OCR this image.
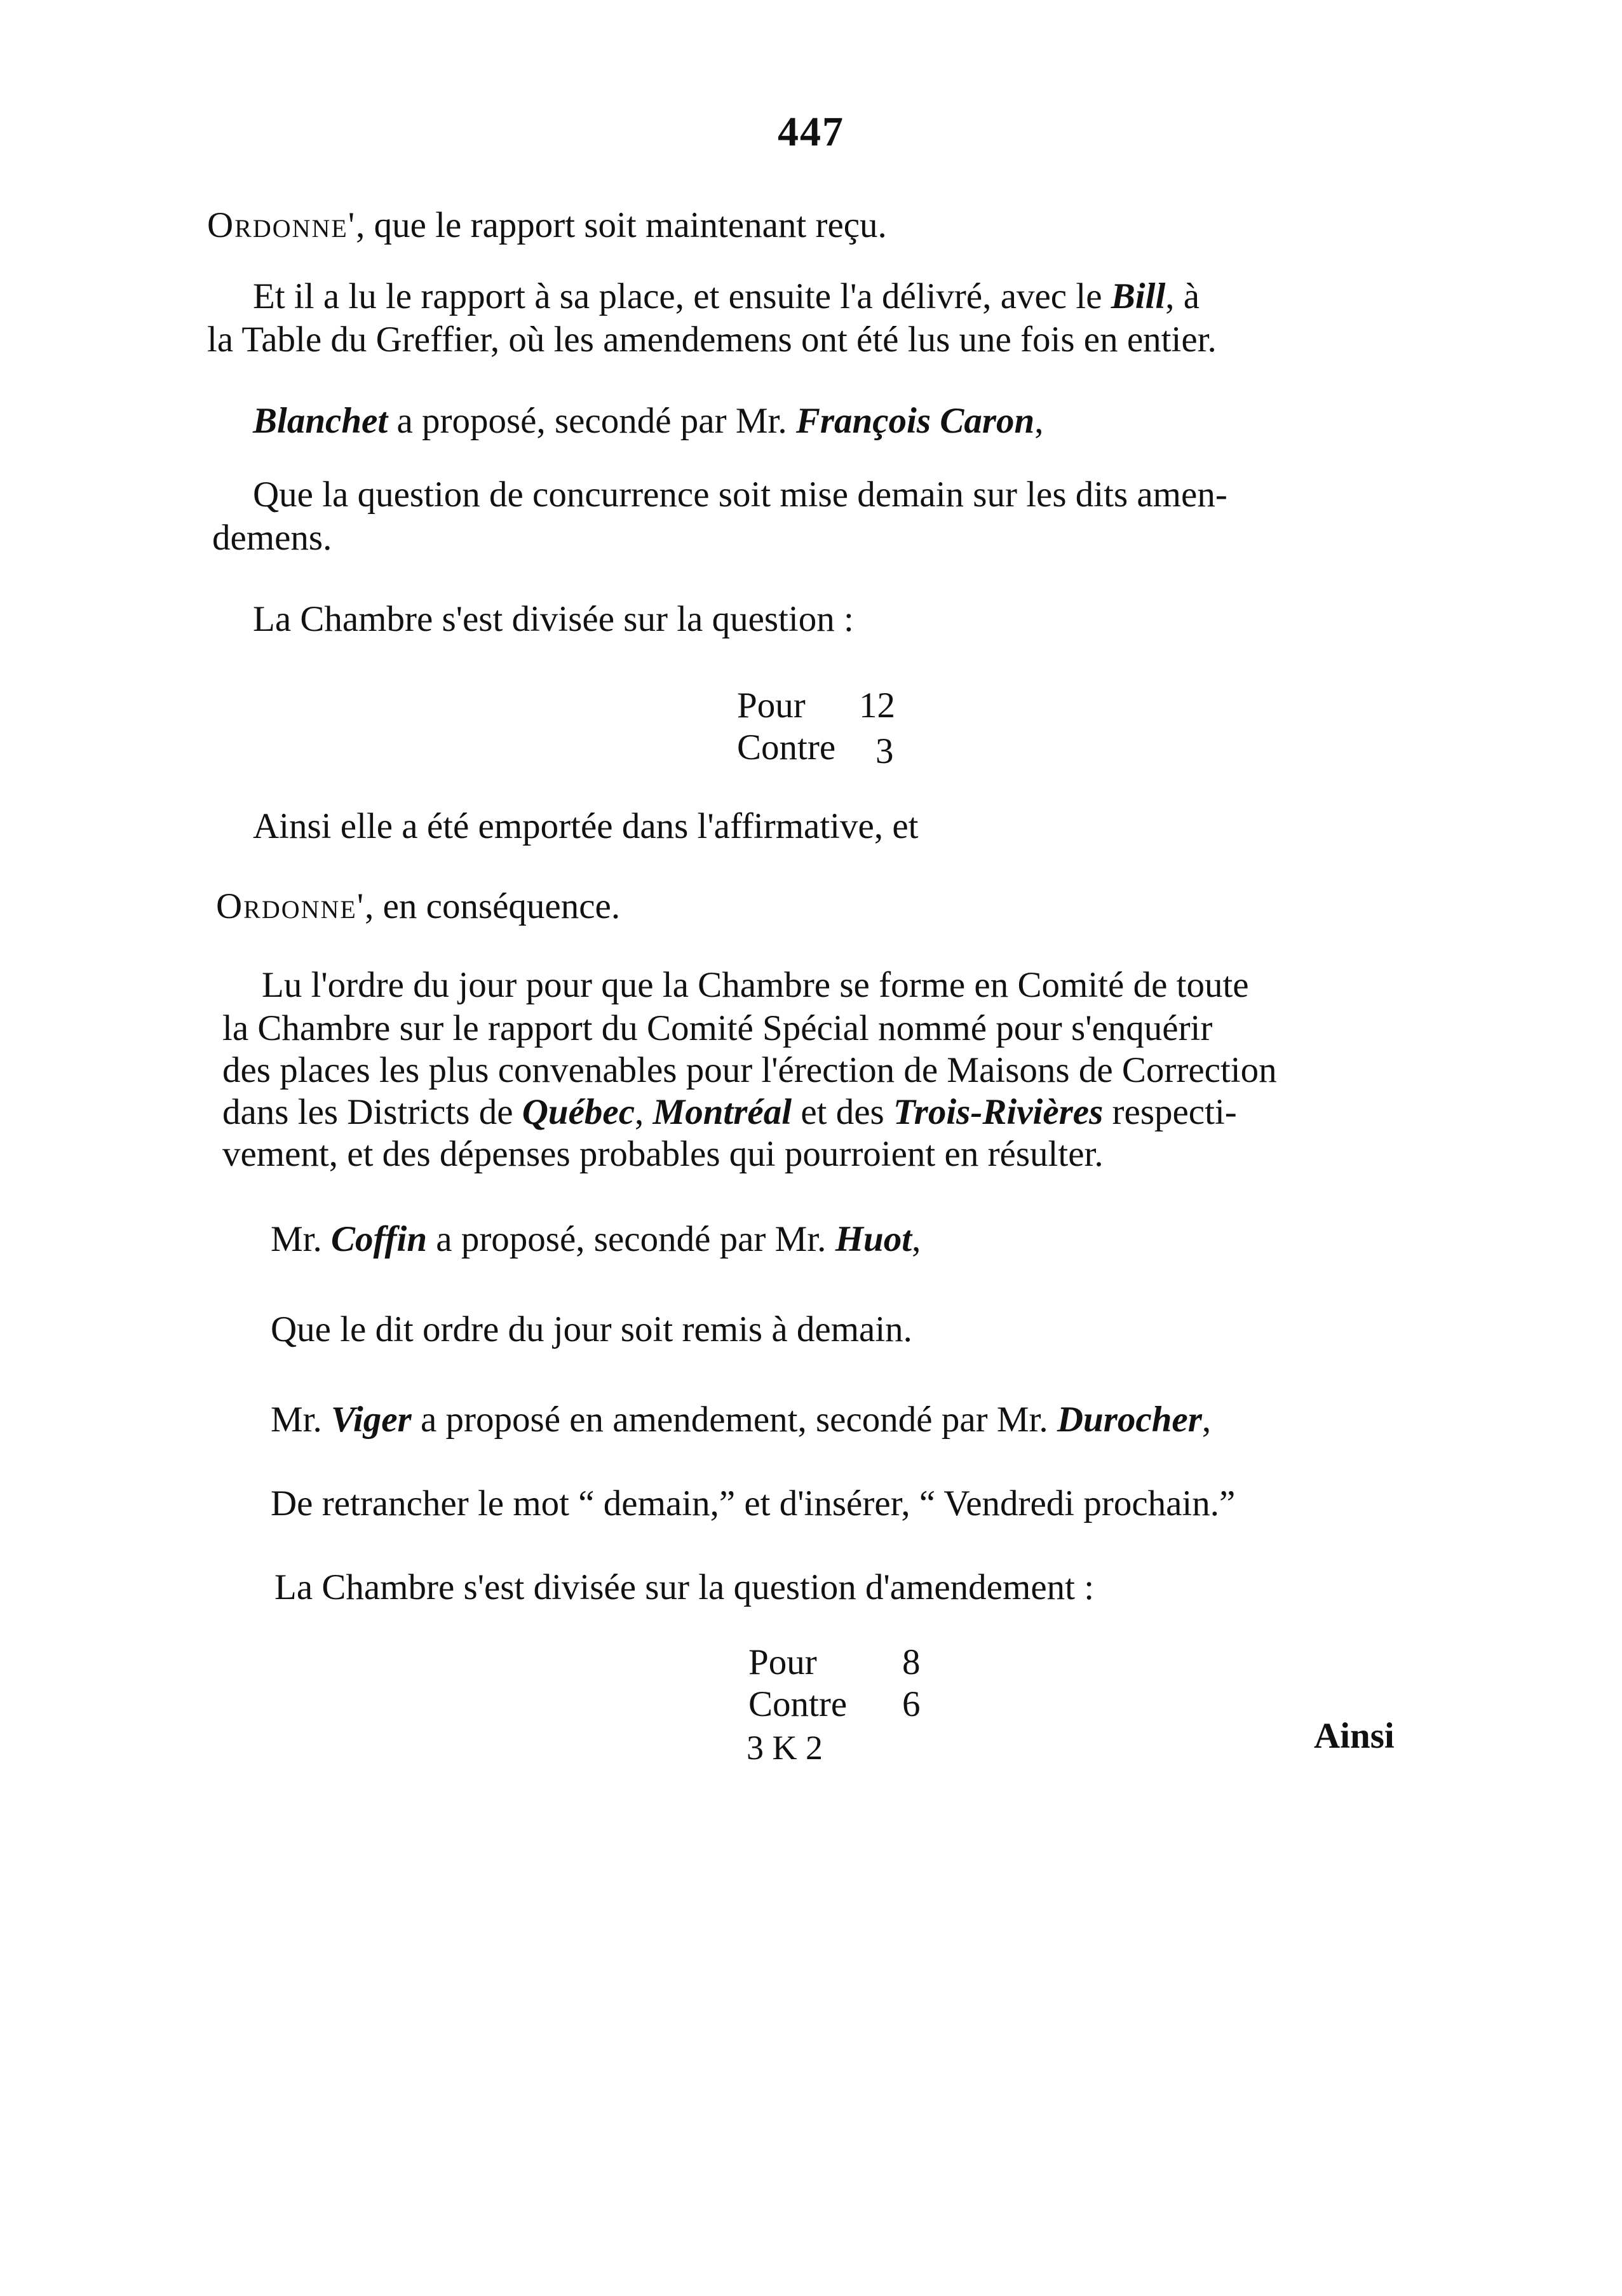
447
Ordonne', que le rapport soit maintenant reçu.
Et il a lu le rapport à sa place, et ensuite l'a délivré, avec le Bill, à
la Table du Greffier, où les amendemens ont été lus une fois en entier.
Blanchet a proposé, secondé par Mr. François Caron,
Que la question de concurrence soit mise demain sur les dits amen-
demens.
La Chambre s'est divisée sur la question :
Pour 12
Contre 3
Ainsi elle a été emportée dans l'affirmative, et
Ordonne', en conséquence.
Lu l'ordre du jour pour que la Chambre se forme en Comité de toute
la Chambre sur le rapport du Comité Spécial nommé pour s'enquérir
des places les plus convenables pour l'érection de Maisons de Correction
dans les Districts de Québec, Montréal et des Trois-Rivières respecti-
vement, et des dépenses probables qui pourroient en résulter.
Mr. Coffin a proposé, secondé par Mr. Huot,
Que le dit ordre du jour soit remis à demain.
Mr. Viger a proposé en amendement, secondé par Mr. Durocher,
De retrancher le mot “ demain,” et d'insérer, “ Vendredi prochain.”
La Chambre s'est divisée sur la question d'amendement :
Pour 8
Contre 6
3 K 2	Ainsi
